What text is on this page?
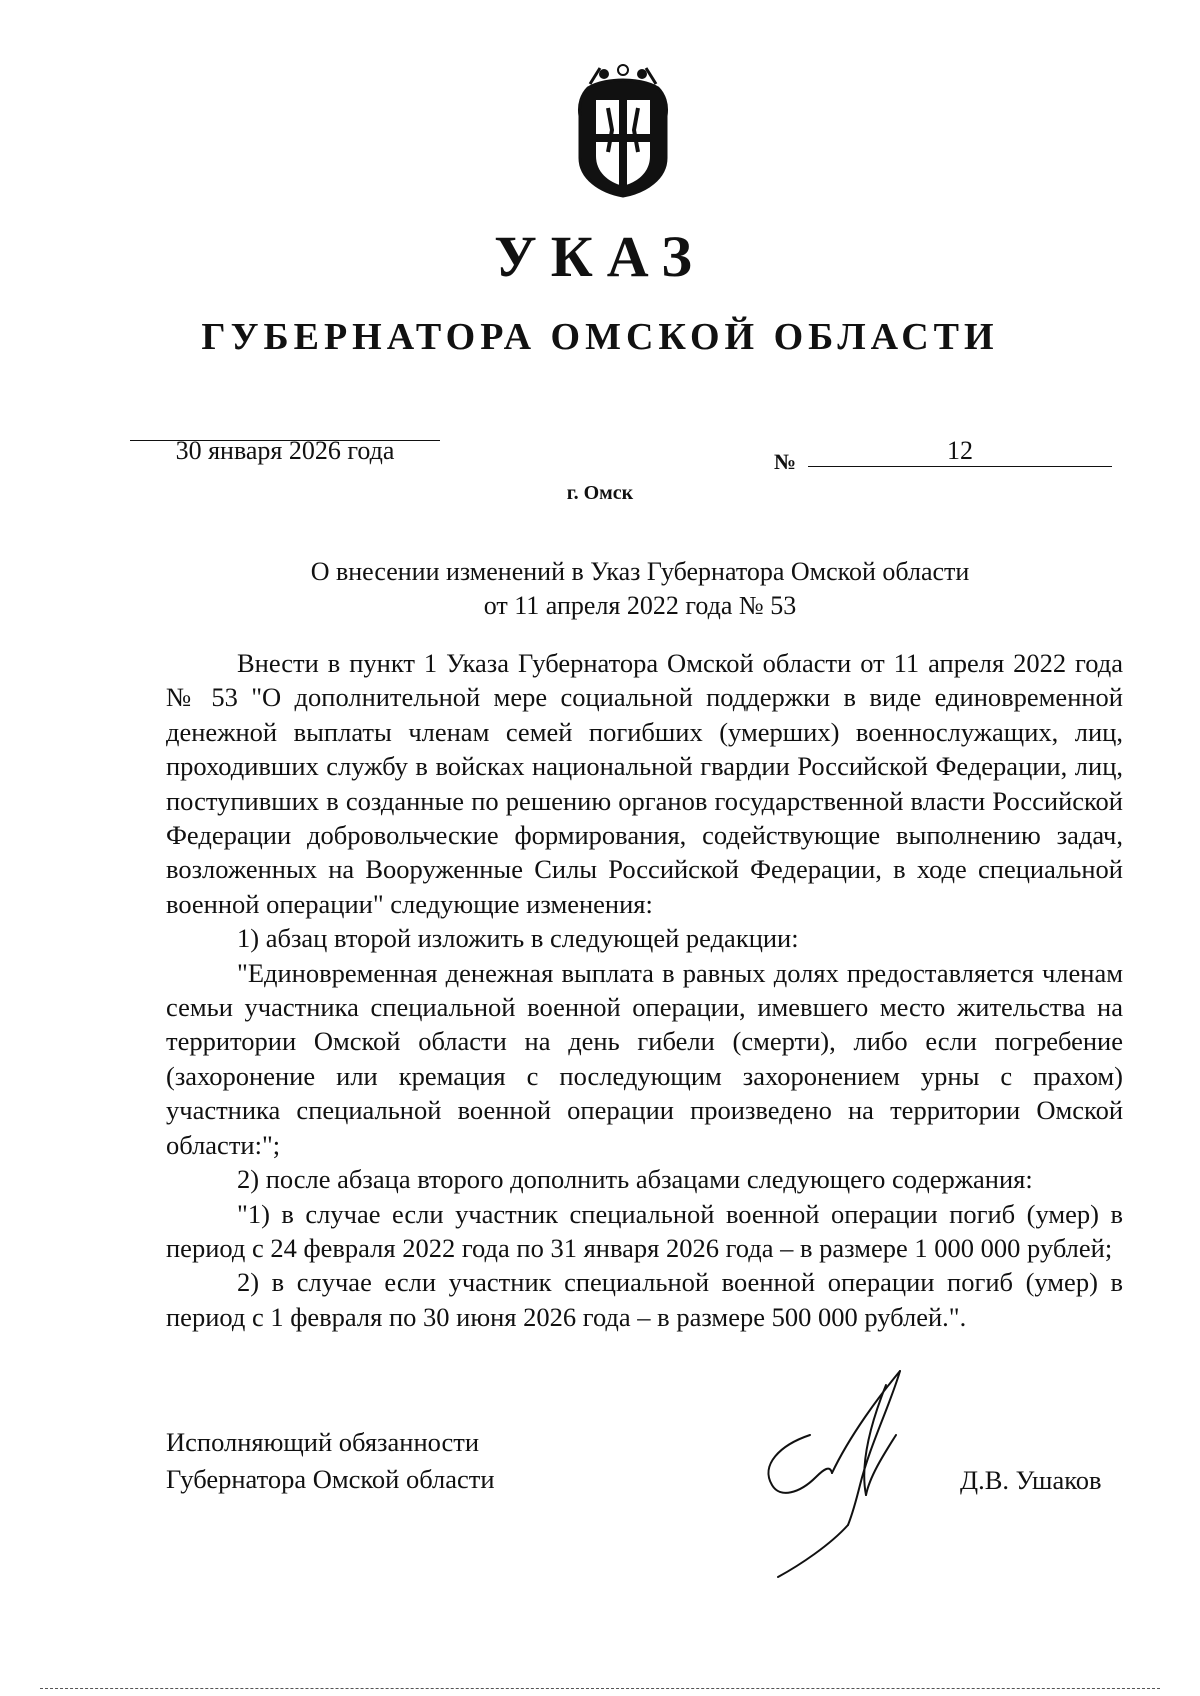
УКАЗ
ГУБЕРНАТОРА ОМСКОЙ ОБЛАСТИ
30 января 2026 года	№	12
г. Омск
О внесении изменений в Указ Губернатора Омской области
от 11 апреля 2022 года № 53

Внести в пункт 1 Указа Губернатора Омской области от 11 апреля 2022 года № 53 "О дополнительной мере социальной поддержки в виде единовременной денежной выплаты членам семей погибших (умерших) военнослужащих, лиц, проходивших службу в войсках национальной гвардии Российской Федерации, лиц, поступивших в созданные по решению органов государственной власти Российской Федерации добровольческие формирования, содействующие выполнению задач, возложенных на Вооруженные Силы Российской Федерации, в ходе специальной военной операции" следующие изменения:

1) абзац второй изложить в следующей редакции:

"Единовременная денежная выплата в равных долях предоставляется членам семьи участника специальной военной операции, имевшего место жительства на территории Омской области на день гибели (смерти), либо если погребение (захоронение или кремация с последующим захоронением урны с прахом) участника специальной военной операции произведено на территории Омской области:";

2) после абзаца второго дополнить абзацами следующего содержания:

"1) в случае если участник специальной военной операции погиб (умер) в период с 24 февраля 2022 года по 31 января 2026 года – в размере 1 000 000 рублей;

2) в случае если участник специальной военной операции погиб (умер) в период с 1 февраля по 30 июня 2026 года – в размере 500 000 рублей.".

Исполняющий обязанности
Губернатора Омской области	Д.В. Ушаков
